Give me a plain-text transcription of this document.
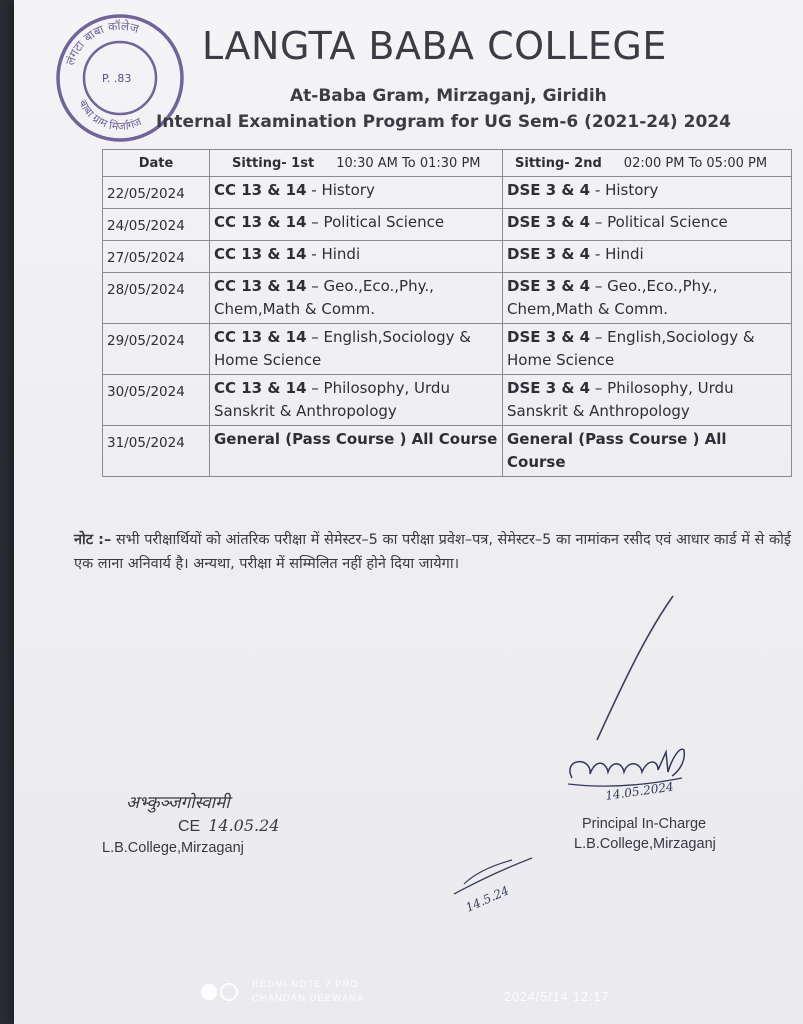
लंगटा बाबा कॉलेज
बाबा ग्राम मिर्जागंज
P. .83
LANGTA BABA COLLEGE
At-Baba Gram, Mirzaganj, Giridih
Internal Examination Program for UG Sem-6 (2021-24) 2024
Date	Sitting- 1st 10:30 AM To 01:30 PM	Sitting- 2nd 02:00 PM To 05:00 PM
22/05/2024	CC 13 & 14 - History	DSE 3 & 4 - History
24/05/2024	CC 13 & 14 – Political Science	DSE 3 & 4 – Political Science
27/05/2024	CC 13 & 14 - Hindi	DSE 3 & 4 - Hindi
28/05/2024	CC 13 & 14 – Geo.,Eco.,Phy., Chem,Math & Comm.	DSE 3 & 4 – Geo.,Eco.,Phy., Chem,Math & Comm.
29/05/2024	CC 13 & 14 – English,Sociology & Home Science	DSE 3 & 4 – English,Sociology & Home Science
30/05/2024	CC 13 & 14 – Philosophy, Urdu Sanskrit & Anthropology	DSE 3 & 4 – Philosophy, Urdu Sanskrit & Anthropology
31/05/2024	General (Pass Course ) All Course	General (Pass Course ) All Course
नोट :– सभी परीक्षार्थियों को आंतरिक परीक्षा में सेमेस्टर–5 का परीक्षा प्रवेश–पत्र, सेमेस्टर–5 का नामांकन रसीद एवं आधार कार्ड में से कोई एक लाना अनिवार्य है। अन्यथा, परीक्षा में सम्मिलित नहीं होने दिया जायेगा।
14.05.2024
अभ्कुञ्जगोस्वामी
CE 14.05.24
L.B.College,Mirzaganj
Principal In-Charge
L.B.College,Mirzaganj
14.5.24
REDMI NOTE 7 PRO
CHANDAN DEEWANA	2024/5/14 12:17
